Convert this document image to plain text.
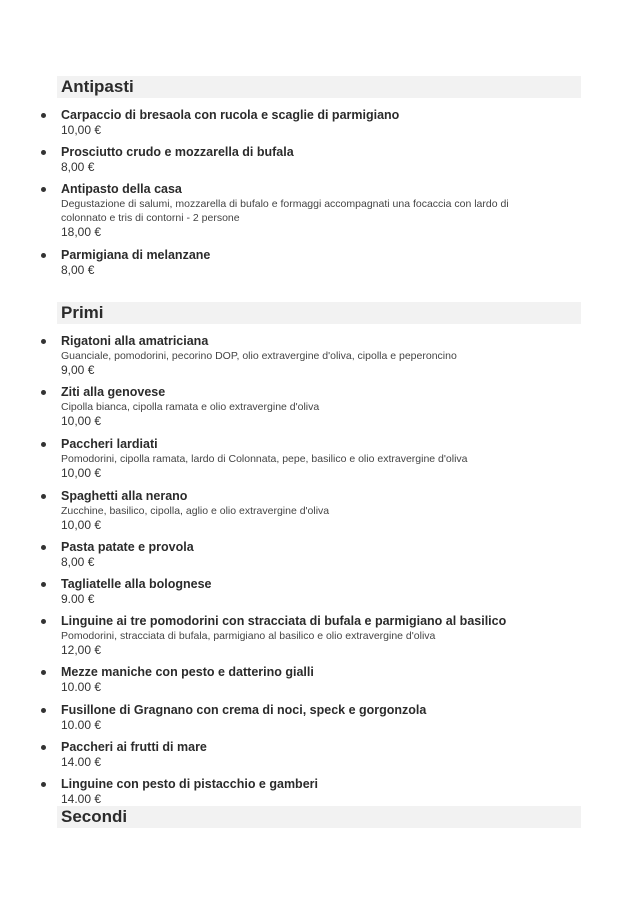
Antipasti
Carpaccio di bresaola con rucola e scaglie di parmigiano
10,00 €
Prosciutto crudo e mozzarella di bufala
8,00 €
Antipasto della casa
Degustazione di salumi, mozzarella di bufalo e formaggi accompagnati una focaccia con lardo di colonnato e tris di contorni - 2 persone
18,00 €
Parmigiana di melanzane
8,00 €
Primi
Rigatoni alla amatriciana
Guanciale, pomodorini, pecorino DOP, olio extravergine d'oliva, cipolla e peperoncino
9,00 €
Ziti alla genovese
Cipolla bianca, cipolla ramata e olio extravergine d'oliva
10,00 €
Paccheri lardiati
Pomodorini, cipolla ramata, lardo di Colonnata, pepe, basilico e olio extravergine d'oliva
10,00 €
Spaghetti alla nerano
Zucchine, basilico, cipolla, aglio e olio extravergine d'oliva
10,00 €
Pasta patate e provola
8,00 €
Tagliatelle alla bolognese
9.00 €
Linguine ai tre pomodorini con stracciata di bufala e parmigiano al basilico
Pomodorini, stracciata di bufala, parmigiano al basilico e olio extravergine d'oliva
12,00 €
Mezze maniche con pesto e datterino gialli
10.00 €
Fusillone di Gragnano con crema di noci, speck e gorgonzola
10.00 €
Paccheri ai frutti di mare
14.00 €
Linguine con pesto di pistacchio e gamberi
14.00 €
Secondi
